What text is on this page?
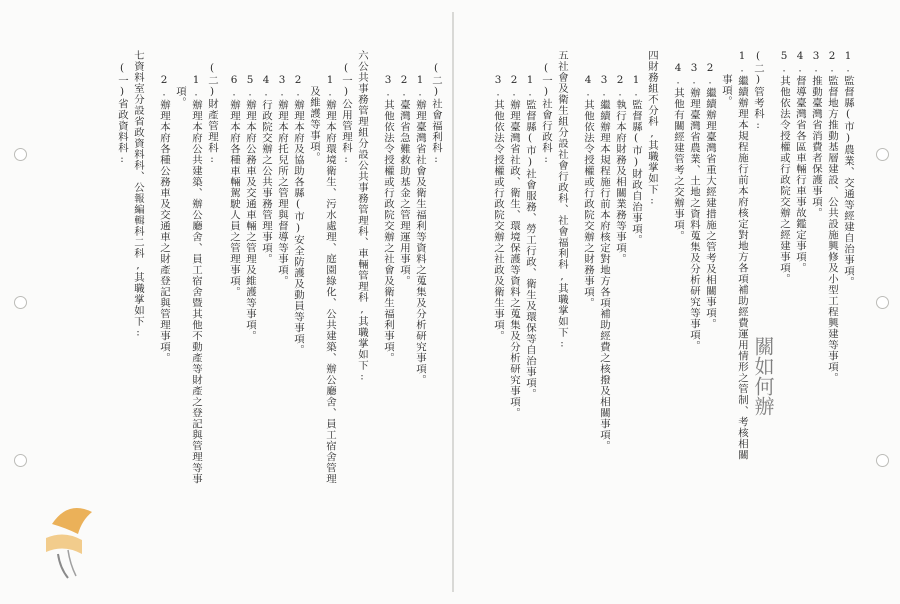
1.監督縣(市)農業、交通等經建自治事項。
2.監督地方推動基層建設、公共設施興修及小型工程興建等事項。
3.推動臺灣省消費者保護事項。
4.督導臺灣省各區車輛行車事故鑑定事項。
5.其他依法令授權或行政院交辦之經建事項。
(二)管考科:
1.繼續辦理本規程施行前本府核定對地方各項補助經費運用情形之管制、考核相關
事項。
2.繼續辦理臺灣省重大經建措施之管考及相關事項。
3.辦理臺灣省農業、土地之資料蒐集及分析研究等事項。
4.其他有關經建管考之交辦事項。
四財務組不分科,其職掌如下:
1.監督縣(市)財政自治事項。
2.執行本府財務及相關業務等事項。
3.繼續辦理本規程施行前本府核定對地方各項補助經費之核撥及相關事項。
4.其他依法令授權或行政院交辦之財務事項。
五社會及衛生組分設社會行政科、社會福利科,其職掌如下:
(一)社會行政科:
1.監督縣(市)社會服務、勞工行政、衛生及環保等自治事項。
2.辦理臺灣省社政、衛生、環境保護等資料之蒐集及分析研究事項。
3.其他依法令授權或行政院交辦之社政及衛生事項。
(二)社會福利科:
1.辦理臺灣省社會及衛生福利等資料之蒐集及分析研究事項。
2.臺灣省急難救助基金之管理運用事項。
3.其他依法令授權或行政院交辦之社會及衛生福利事項。
六公共事務管理組分設公共事務管理科、車輛管理科,其職掌如下:
(一)公用管理科:
1.辦理本府環境衛生、污水處理、庭園綠化、公共建築、辦公廳舍、員工宿舍管理
及維護等事項。
2.辦理本府及協助各縣(市)安全防護及動員等事項。
3.辦理本府托兒所之管理與督導等事項。
4.行政院交辦之公共事務管理事項。
5.辦理本府公務車及交通車輛之管理及維護等事項。
6.辦理本府各種車輛駕駛人員之管理事項。
(二)財產管理科:
1.辦理本府公共建築、辦公廳舍、員工宿舍暨其他不動產等財產之登記與管理等事
項。
2.辦理本府各種公務車及交通車之財產登記與管理事項。
七資料室分設省政資料科、公報編輯科二科,其職掌如下:
(一)省政資料科:
關如何辦
